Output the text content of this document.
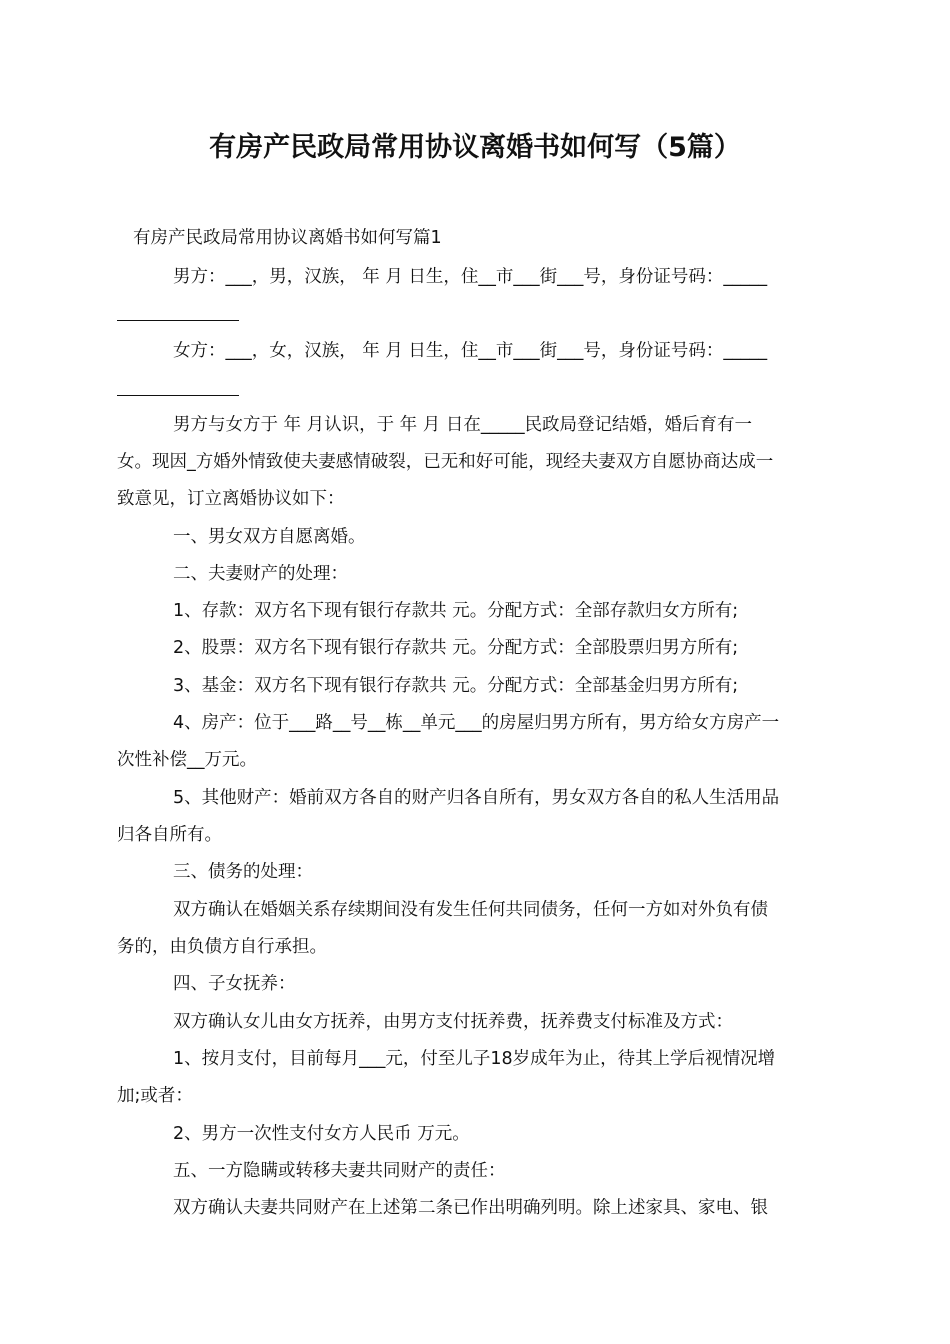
有房产民政局常用协议离婚书如何写（5篇）
有房产民政局常用协议离婚书如何写篇1
男方：___，男，汉族， 年 月 日生，住__市___街___号，身份证号码：_____
女方：___，女，汉族， 年 月 日生，住__市___街___号，身份证号码：_____
男方与女方于 年 月认识，于 年 月 日在_____民政局登记结婚，婚后育有一
女。现因_方婚外情致使夫妻感情破裂，已无和好可能，现经夫妻双方自愿协商达成一
致意见，订立离婚协议如下：
一、男女双方自愿离婚。
二、夫妻财产的处理：
1、存款：双方名下现有银行存款共 元。分配方式：全部存款归女方所有;
2、股票：双方名下现有银行存款共 元。分配方式：全部股票归男方所有;
3、基金：双方名下现有银行存款共 元。分配方式：全部基金归男方所有;
4、房产：位于___路__号__栋__单元___的房屋归男方所有，男方给女方房产一
次性补偿__万元。
5、其他财产：婚前双方各自的财产归各自所有，男女双方各自的私人生活用品
归各自所有。
三、债务的处理：
双方确认在婚姻关系存续期间没有发生任何共同债务，任何一方如对外负有债
务的，由负债方自行承担。
四、子女抚养：
双方确认女儿由女方抚养，由男方支付抚养费，抚养费支付标准及方式：
1、按月支付，目前每月___元，付至儿子18岁成年为止，待其上学后视情况增
加;或者：
2、男方一次性支付女方人民币 万元。
五、一方隐瞒或转移夫妻共同财产的责任：
双方确认夫妻共同财产在上述第二条已作出明确列明。除上述家具、家电、银
